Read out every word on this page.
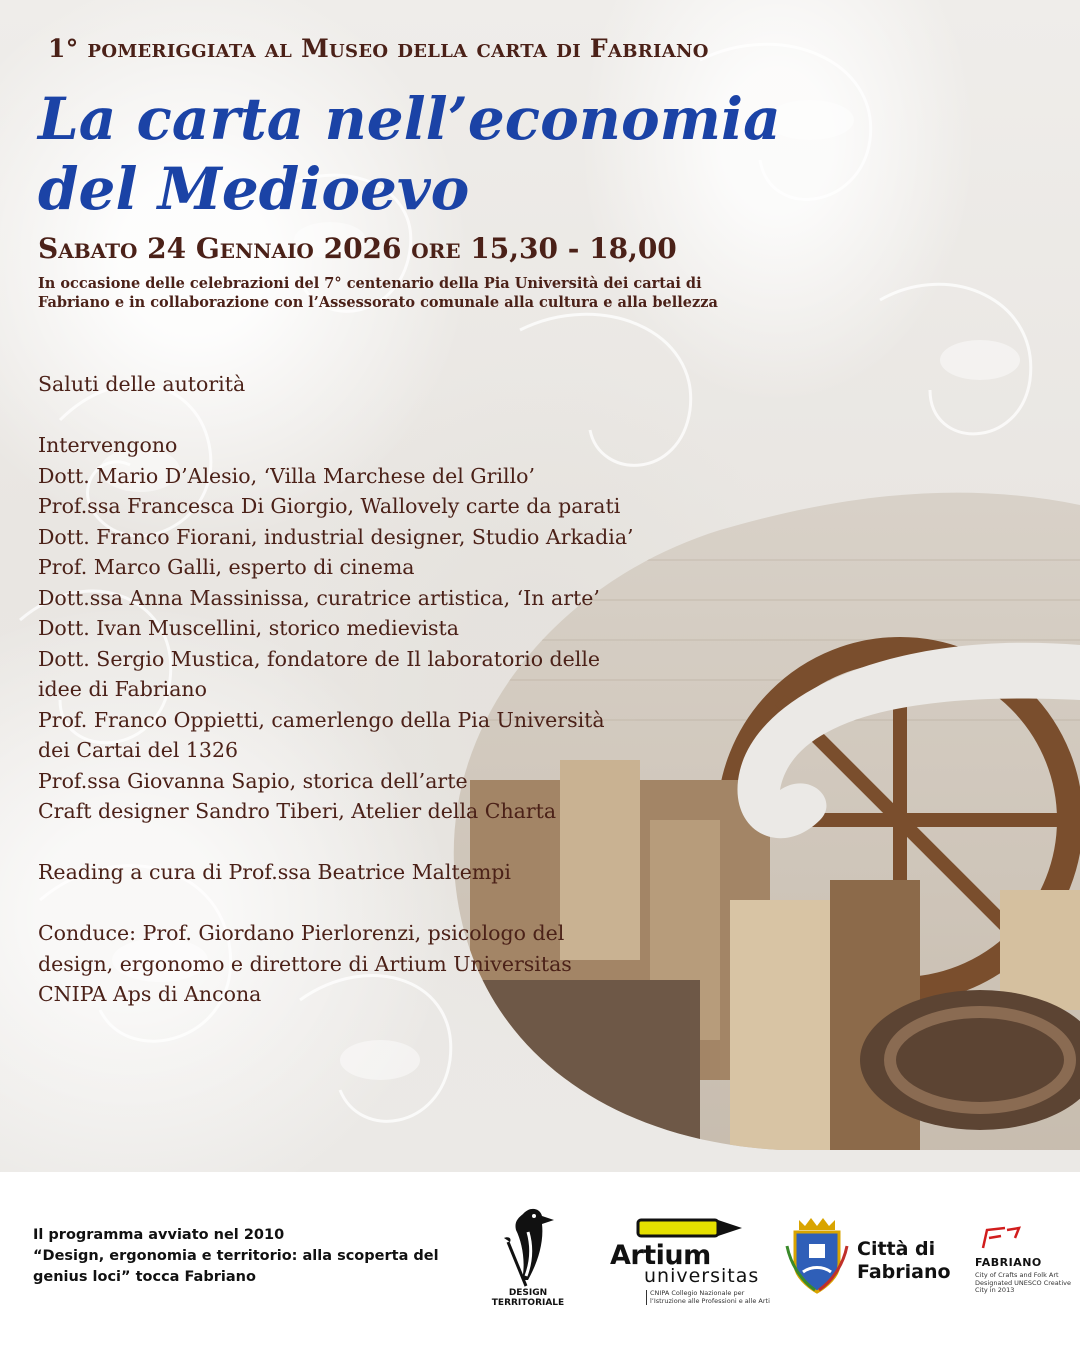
1° pomeriggiata al Museo della carta di Fabriano
La carta nell’economia
del Medioevo
Sabato 24 Gennaio 2026 ore 15,30 - 18,00
In occasione delle celebrazioni del 7° centenario della Pia Università dei cartai di Fabriano e in collaborazione con l’Assessorato comunale alla cultura e alla bellezza
Saluti delle autorità
Intervengono
Dott. Mario D’Alesio, ‘Villa Marchese del Grillo’
Prof.ssa Francesca Di Giorgio, Wallovely carte da parati
Dott. Franco Fiorani, industrial designer, Studio Arkadia’
Prof. Marco Galli, esperto di cinema
Dott.ssa Anna Massinissa, curatrice artistica, ‘In arte’
Dott. Ivan Muscellini, storico medievista
Dott. Sergio Mustica, fondatore de Il laboratorio delle
idee di Fabriano
Prof. Franco Oppietti, camerlengo della Pia Università
dei Cartai del 1326
Prof.ssa Giovanna Sapio, storica dell’arte
Craft designer Sandro Tiberi, Atelier della Charta
Reading a cura di Prof.ssa Beatrice Maltempi
Conduce: Prof. Giordano Pierlorenzi, psicologo del
design, ergonomo e direttore di Artium Universitas
CNIPA Aps di Ancona
Il programma avviato nel 2010
“Design, ergonomia e territorio: alla scoperta del
genius loci” tocca Fabriano
DESIGN TERRITORIALE
Artium
universitas
CNIPA Collegio Nazionale per l’Istruzione alle Professioni e alle Arti
Città di
Fabriano FABRIANO
City of Crafts and Folk Art Designated UNESCO Creative City in 2013
